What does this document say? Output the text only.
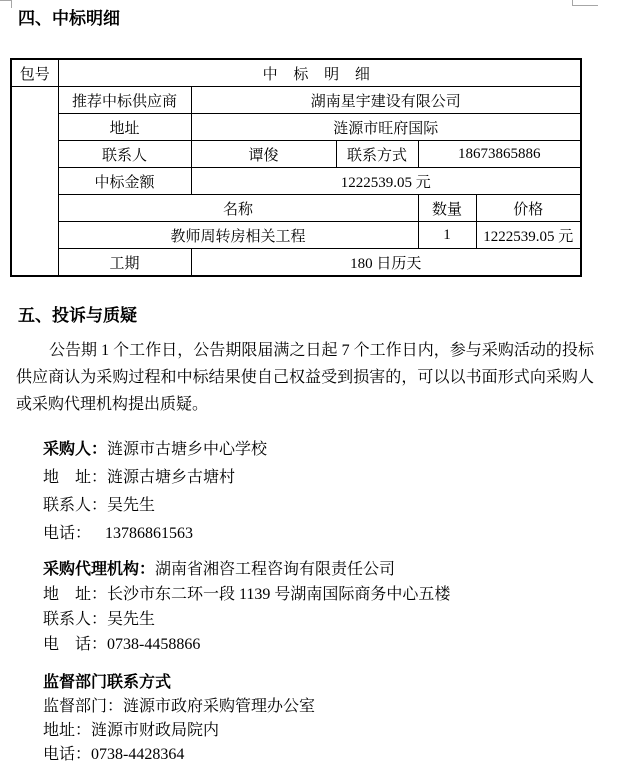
四、中标明细
包号	中 标 明 细				
	推荐中标供应商	湖南星宇建设有限公司			
	地址	涟源市旺府国际			
	联系人	谭俊	联系方式	18673865886	
	中标金额	1222539.05 元			
	名称			数量	价格
	教师周转房相关工程			1	1222539.05 元
	工期	180 日历天			
五、投诉与质疑

公告期 1 个工作日，公告期限届满之日起 7 个工作日内，参与采购活动的投标供应商认为采购过程和中标结果使自己权益受到损害的，可以以书面形式向采购人或采购代理机构提出质疑。

采购人：涟源市古塘乡中心学校
地　址：涟源古塘乡古塘村
联系人：吴先生
电话： 13786861563
采购代理机构：湖南省湘咨工程咨询有限责任公司
地　址：长沙市东二环一段 1139 号湖南国际商务中心五楼
联系人：吴先生
电　话：0738-4458866
监督部门联系方式
监督部门：涟源市政府采购管理办公室
地址：涟源市财政局院内
电话：0738-4428364
